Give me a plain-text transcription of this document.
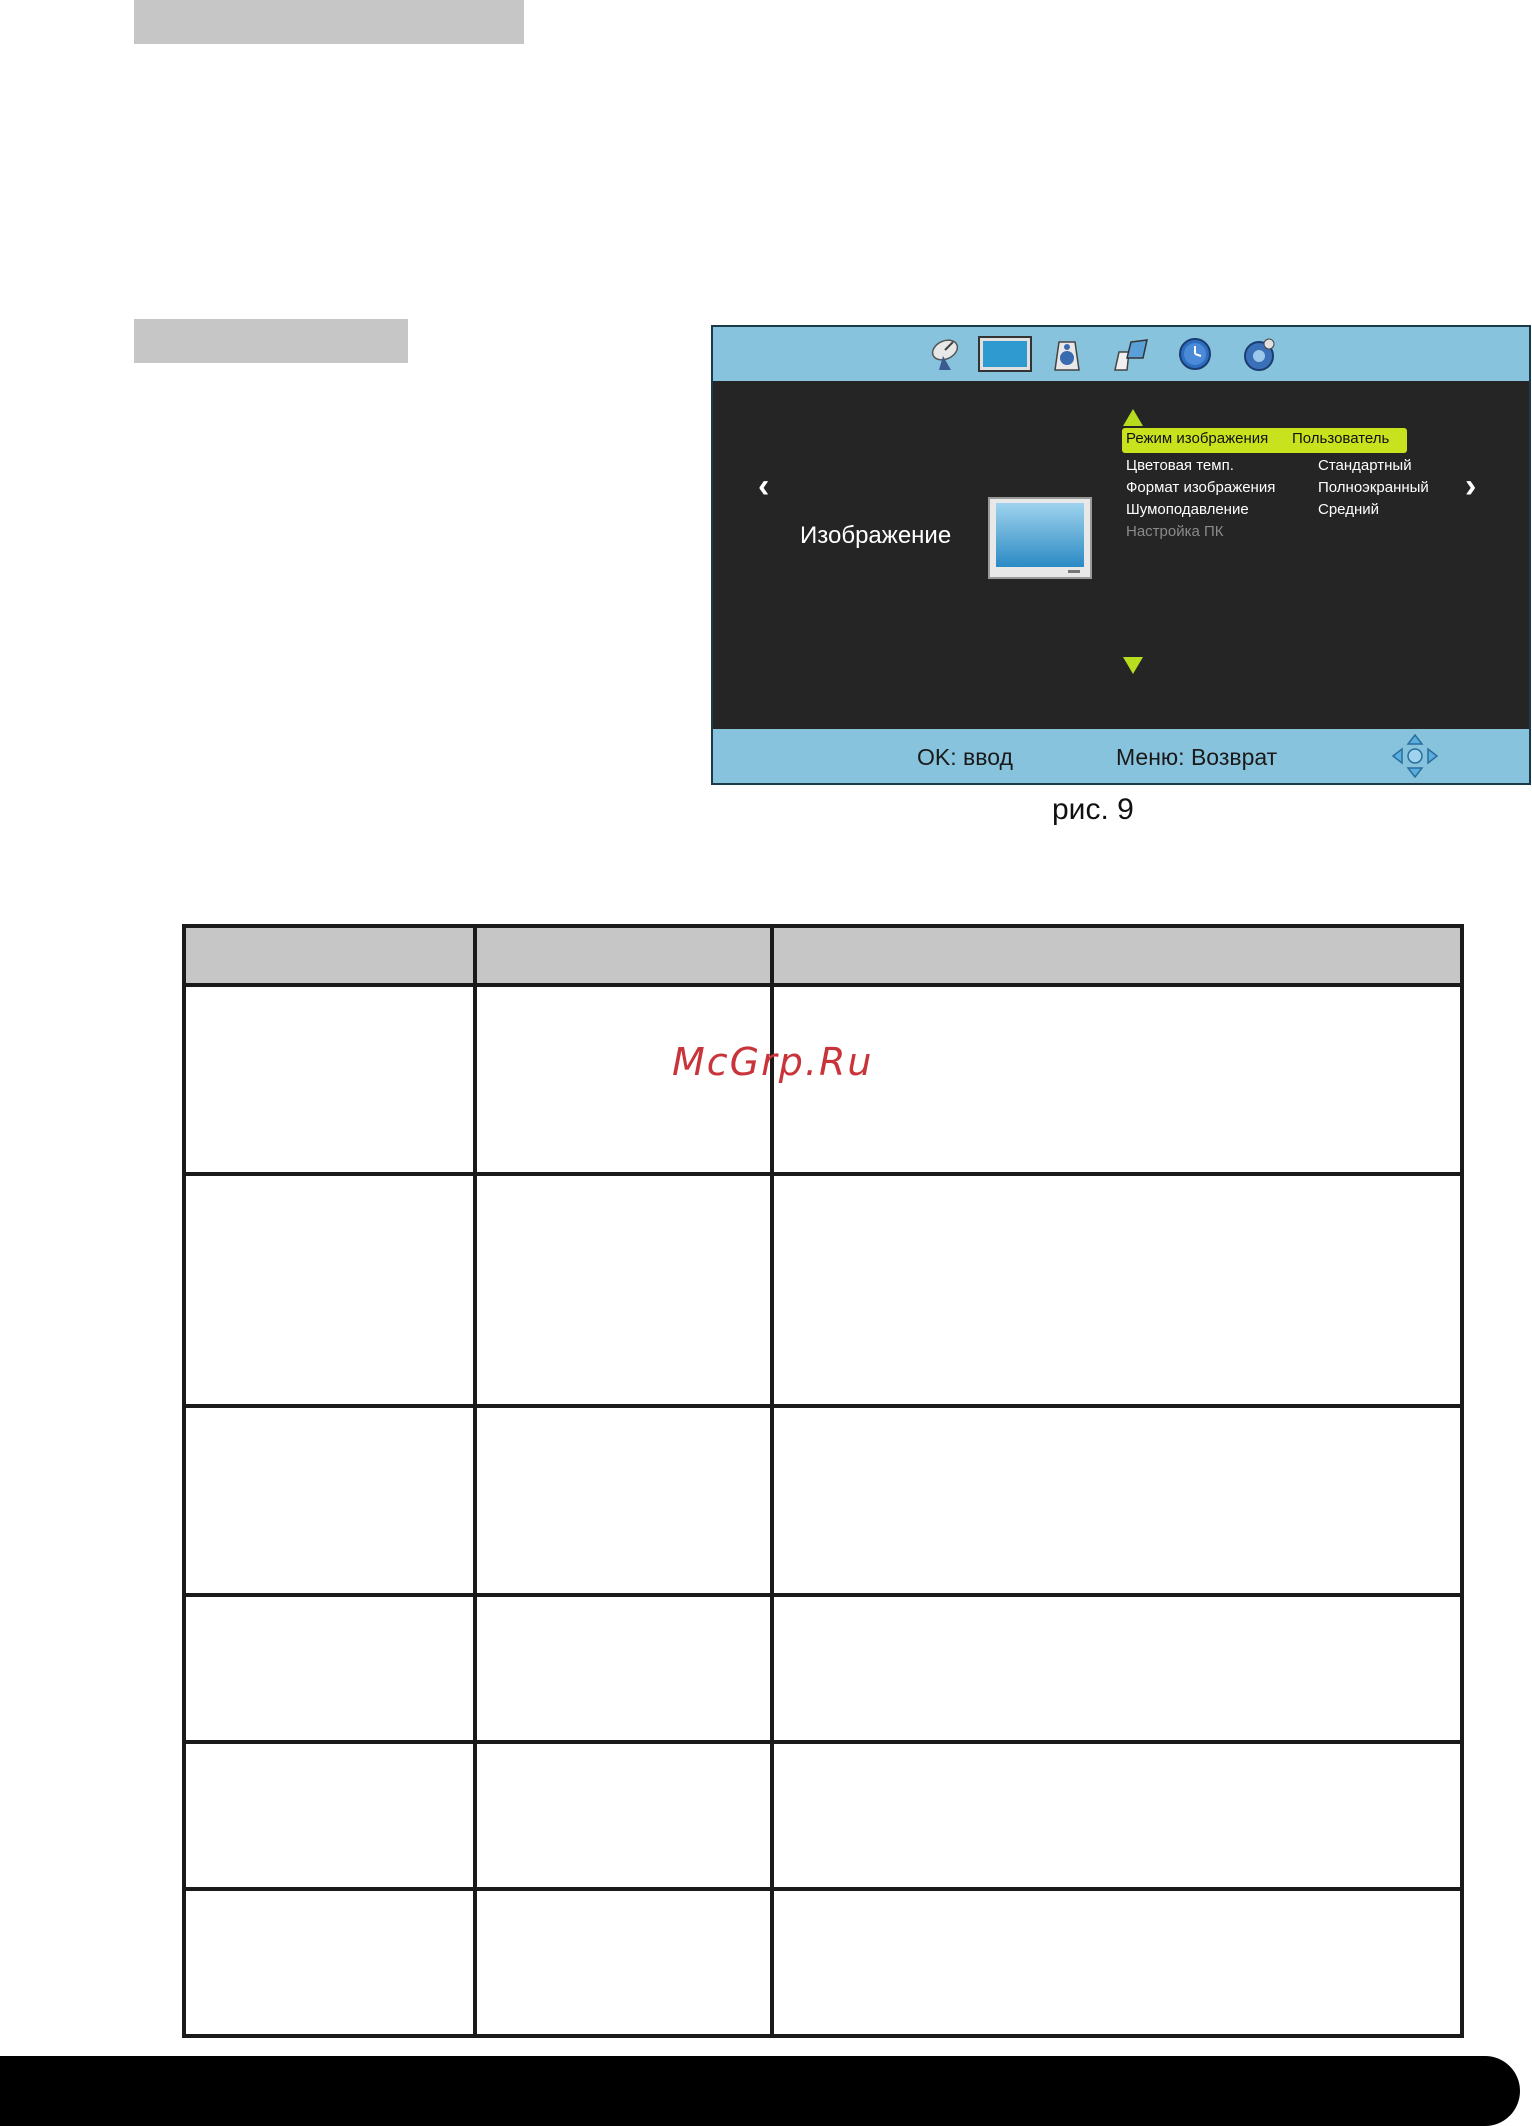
‹
Изображение
Режим изображения Пользователь
Цветовая темп.	Стандартный
Формат изображения	Полноэкранный
Шумоподавление	Средний
Настройка ПК
›
OK: ввод	Меню: Возврат
рис. 9

McGrp.Ru
